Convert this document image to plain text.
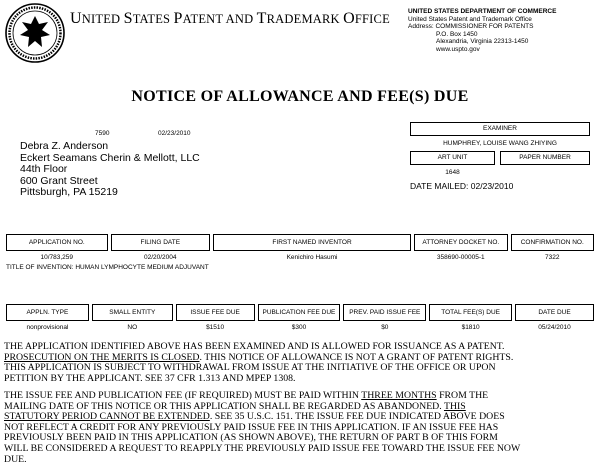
UNITED STATES PATENT AND TRADEMARK OFFICE
UNITED STATES DEPARTMENT OF COMMERCE
United States Patent and Trademark Office
Address: COMMISSIONER FOR PATENTS
P.O. Box 1450
Alexandria, Virginia 22313-1450
www.uspto.gov
NOTICE OF ALLOWANCE AND FEE(S) DUE
7590	02/23/2010
Debra Z. Anderson
Eckert Seamans Cherin & Mellott, LLC
44th Floor
600 Grant Street
Pittsburgh, PA 15219
EXAMINER
HUMPHREY, LOUISE WANG ZHIYING
ART UNIT	PAPER NUMBER
1648
DATE MAILED: 02/23/2010
APPLICATION NO.		FILING DATE		FIRST NAMED INVENTOR		ATTORNEY DOCKET NO.		CONFIRMATION NO.
10/783,259		02/20/2004		Kenichiro Hasumi		358690-00005-1		7322
TITLE OF INVENTION: HUMAN LYMPHOCYTE MEDIUM ADJUVANT
APPLN. TYPE		SMALL ENTITY		ISSUE FEE DUE		PUBLICATION FEE DUE		PREV. PAID ISSUE FEE		TOTAL FEE(S) DUE		DATE DUE
nonprovisional		NO		$1510		$300		$0		$1810		05/24/2010
THE APPLICATION IDENTIFIED ABOVE HAS BEEN EXAMINED AND IS ALLOWED FOR ISSUANCE AS A PATENT.
PROSECUTION ON THE MERITS IS CLOSED. THIS NOTICE OF ALLOWANCE IS NOT A GRANT OF PATENT RIGHTS.
THIS APPLICATION IS SUBJECT TO WITHDRAWAL FROM ISSUE AT THE INITIATIVE OF THE OFFICE OR UPON
PETITION BY THE APPLICANT. SEE 37 CFR 1.313 AND MPEP 1308.
THE ISSUE FEE AND PUBLICATION FEE (IF REQUIRED) MUST BE PAID WITHIN THREE MONTHS FROM THE
MAILING DATE OF THIS NOTICE OR THIS APPLICATION SHALL BE REGARDED AS ABANDONED. THIS
STATUTORY PERIOD CANNOT BE EXTENDED. SEE 35 U.S.C. 151. THE ISSUE FEE DUE INDICATED ABOVE DOES
NOT REFLECT A CREDIT FOR ANY PREVIOUSLY PAID ISSUE FEE IN THIS APPLICATION. IF AN ISSUE FEE HAS
PREVIOUSLY BEEN PAID IN THIS APPLICATION (AS SHOWN ABOVE), THE RETURN OF PART B OF THIS FORM
WILL BE CONSIDERED A REQUEST TO REAPPLY THE PREVIOUSLY PAID ISSUE FEE TOWARD THE ISSUE FEE NOW
DUE.
